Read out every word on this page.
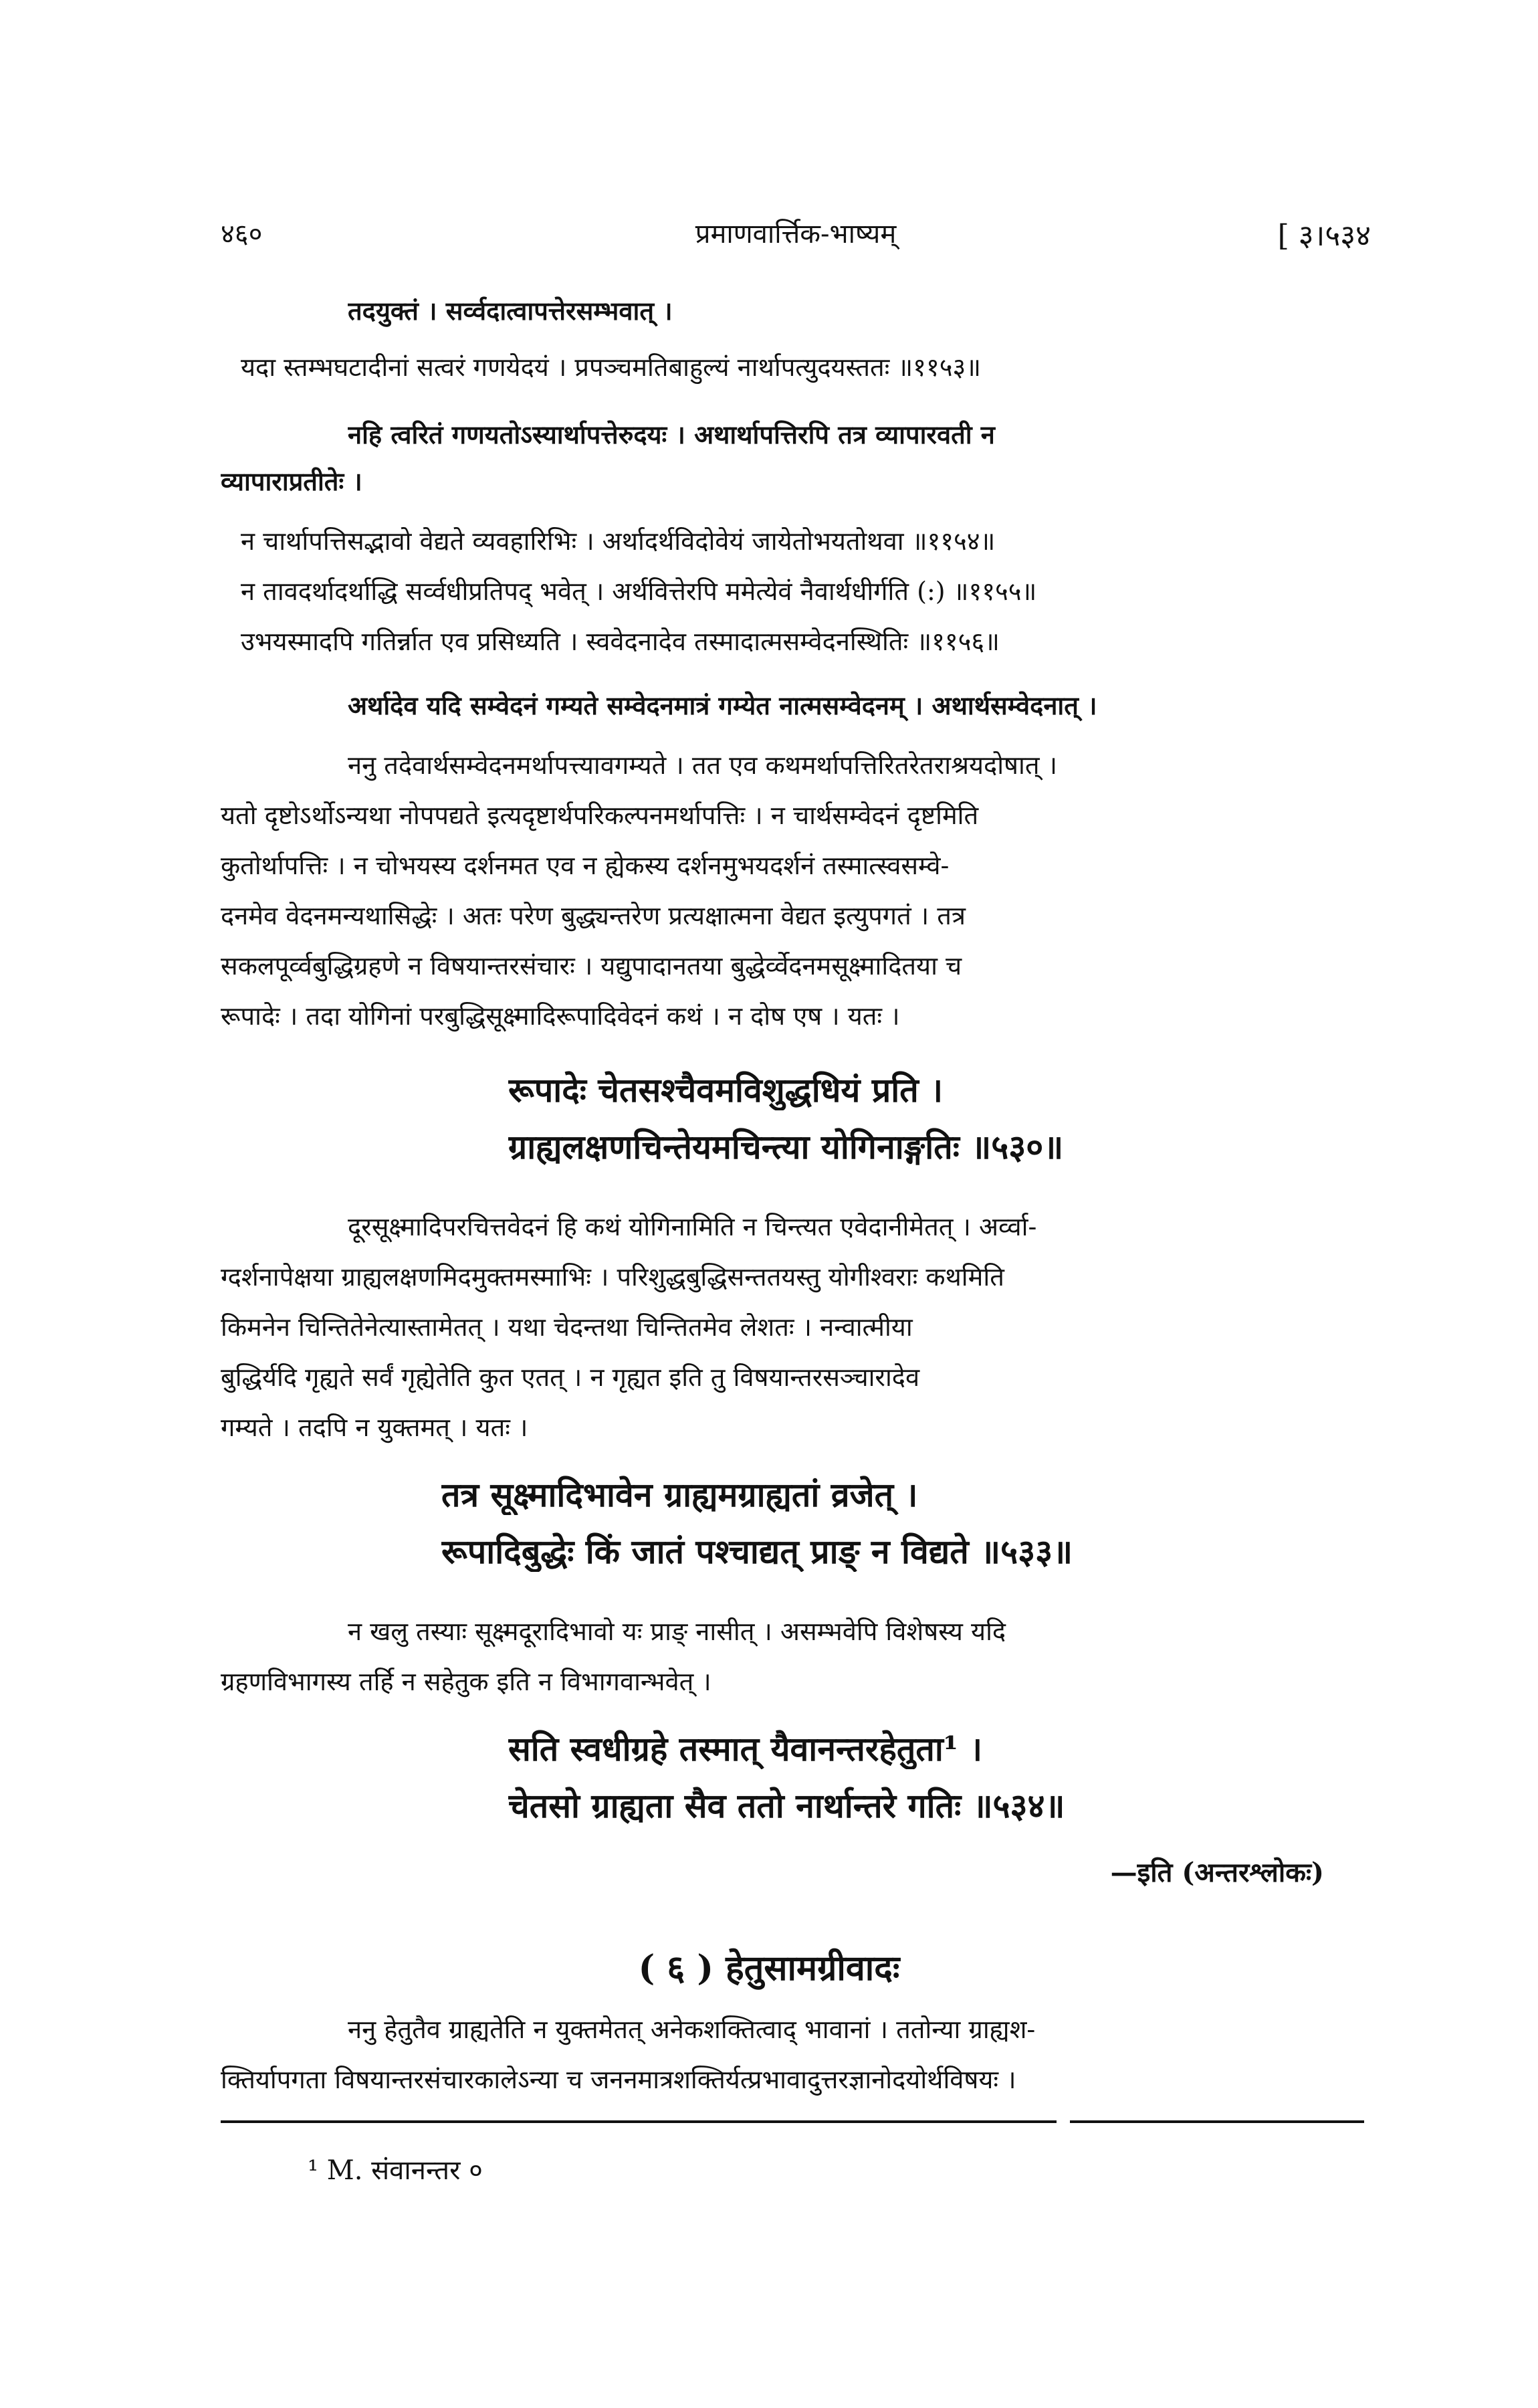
४६०	प्रमाणवार्त्तिक-भाष्यम्	[ ३।५३४
तदयुक्तं । सर्व्वदात्वापत्तेरसम्भवात् ।
यदा स्तम्भघटादीनां सत्वरं गणयेदयं । प्रपञ्चमतिबाहुल्यं नार्थापत्युदयस्ततः ॥११५३॥
नहि त्वरितं गणयतोऽस्यार्थापत्तेरुदयः । अथार्थापत्तिरपि तत्र व्यापारवती न
व्यापाराप्रतीतेः ।
न चार्थापत्तिसद्भावो वेद्यते व्यवहारिभिः । अर्थादर्थविदोवेयं जायेतोभयतोथवा ॥११५४॥
न तावदर्थादर्थाद्धि सर्व्वधीप्रतिपद् भवेत् । अर्थवित्तेरपि ममेत्येवं नैवार्थधीर्गति (:) ॥११५५॥
उभयस्मादपि गतिर्न्नात एव प्रसिध्यति । स्ववेदनादेव तस्मादात्मसम्वेदनस्थितिः ॥११५६॥
अर्थादेव यदि सम्वेदनं गम्यते सम्वेदनमात्रं गम्येत नात्मसम्वेदनम् । अथार्थसम्वेदनात् ।
ननु तदेवार्थसम्वेदनमर्थापत्त्यावगम्यते । तत एव कथमर्थापत्तिरितरेतराश्रयदोषात् ।
यतो दृष्टोऽर्थोऽन्यथा नोपपद्यते इत्यदृष्टार्थपरिकल्पनमर्थापत्तिः । न चार्थसम्वेदनं दृष्टमिति
कुतोर्थापत्तिः । न चोभयस्य दर्शनमत एव न ह्येकस्य दर्शनमुभयदर्शनं तस्मात्स्वसम्वे-
दनमेव वेदनमन्यथासिद्धेः । अतः परेण बुद्ध्यन्तरेण प्रत्यक्षात्मना वेद्यत इत्युपगतं । तत्र
सकलपूर्व्वबुद्धिग्रहणे न विषयान्तरसंचारः । यद्युपादानतया बुद्धेर्व्वेदनमसूक्ष्मादितया च
रूपादेः । तदा योगिनां परबुद्धिसूक्ष्मादिरूपादिवेदनं कथं । न दोष एष । यतः ।
रूपादेः चेतसश्चैवमविशुद्धधियं प्रति ।
ग्राह्यलक्षणचिन्तेयमचिन्त्या योगिनाङ्गतिः ॥५३०॥
दूरसूक्ष्मादिपरचित्तवेदनं हि कथं योगिनामिति न चिन्त्यत एवेदानीमेतत् । अर्व्वा-
ग्दर्शनापेक्षया ग्राह्यलक्षणमिदमुक्तमस्माभिः । परिशुद्धबुद्धिसन्ततयस्तु योगीश्वराः कथमिति
किमनेन चिन्तितेनेत्यास्तामेतत् । यथा चेदन्तथा चिन्तितमेव लेशतः । नन्वात्मीया
बुद्धिर्यदि गृह्यते सर्वं गृह्येतेति कुत एतत् । न गृह्यत इति तु विषयान्तरसञ्चारादेव
गम्यते । तदपि न युक्तमत् । यतः ।
तत्र सूक्ष्मादिभावेन ग्राह्यमग्राह्यतां व्रजेत् ।
रूपादिबुद्धेः किं जातं पश्चाद्यत् प्राङ् न विद्यते ॥५३३॥
न खलु तस्याः सूक्ष्मदूरादिभावो यः प्राङ् नासीत् । असम्भवेपि विशेषस्य यदि
ग्रहणविभागस्य तर्हि न सहेतुक इति न विभागवान्भवेत् ।
सति स्वधीग्रहे तस्मात् यैवानन्तरहेतुता¹ ।
चेतसो ग्राह्यता सैव ततो नार्थान्तरे गतिः ॥५३४॥
—इति (अन्तरश्लोकः)
( ६ ) हेतुसामग्रीवादः
ननु हेतुतैव ग्राह्यतेति न युक्तमेतत् अनेकशक्तित्वाद् भावानां । ततोन्या ग्राह्यश-
क्तिर्यापगता विषयान्तरसंचारकालेऽन्या च जननमात्रशक्तिर्यत्प्रभावादुत्तरज्ञानोदयोर्थविषयः ।
¹ M. संवानन्तर ०
